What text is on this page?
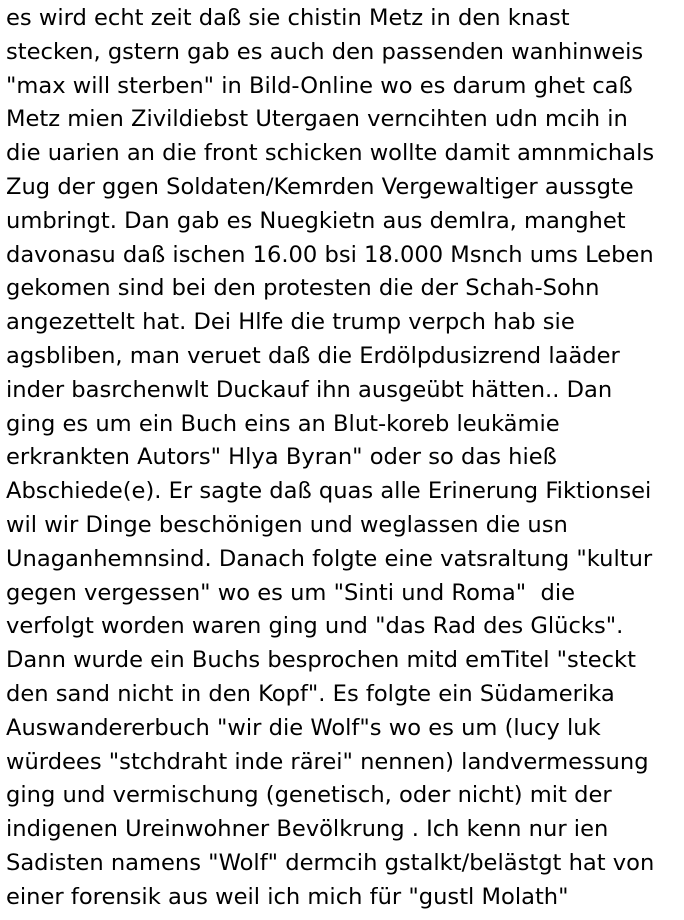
es wird echt zeit daß sie chistin Metz in den knast
stecken, gstern gab es auch den passenden wanhinweis
"max will sterben" in Bild-Online wo es darum ghet caß
Metz mien Zivildiebst Utergaen verncihten udn mcih in
die uarien an die front schicken wollte damit amnmichals
Zug der ggen Soldaten/Kemrden Vergewaltiger aussgte
umbringt. Dan gab es Nuegkietn aus demIra, manghet
davonasu daß ischen 16.00 bsi 18.000 Msnch ums Leben
gekomen sind bei den protesten die der Schah-Sohn
angezettelt hat. Dei Hlfe die trump verpch hab sie
agsbliben, man veruet daß die Erdölpdusizrend laäder
inder basrchenwlt Duckauf ihn ausgeübt hätten.. Dan
ging es um ein Buch eins an Blut-koreb leukämie
erkrankten Autors" Hlya Byran" oder so das hieß
Abschiede(e). Er sagte daß quas alle Erinerung Fiktionsei
wil wir Dinge beschönigen und weglassen die usn
Unaganhemnsind. Danach folgte eine vatsraltung "kultur
gegen vergessen" wo es um "Sinti und Roma"  die
verfolgt worden waren ging und "das Rad des Glücks".
Dann wurde ein Buchs besprochen mitd emTitel "steckt
den sand nicht in den Kopf". Es folgte ein Südamerika
Auswandererbuch "wir die Wolf"s wo es um (lucy luk
würdees "stchdraht inde rärei" nennen) landvermessung
ging und vermischung (genetisch, oder nicht) mit der
indigenen Ureinwohner Bevölkrung . Ich kenn nur ien
Sadisten namens "Wolf" dermcih gstalkt/belästgt hat von
einer forensik aus weil ich mich für "gustl Molath"
